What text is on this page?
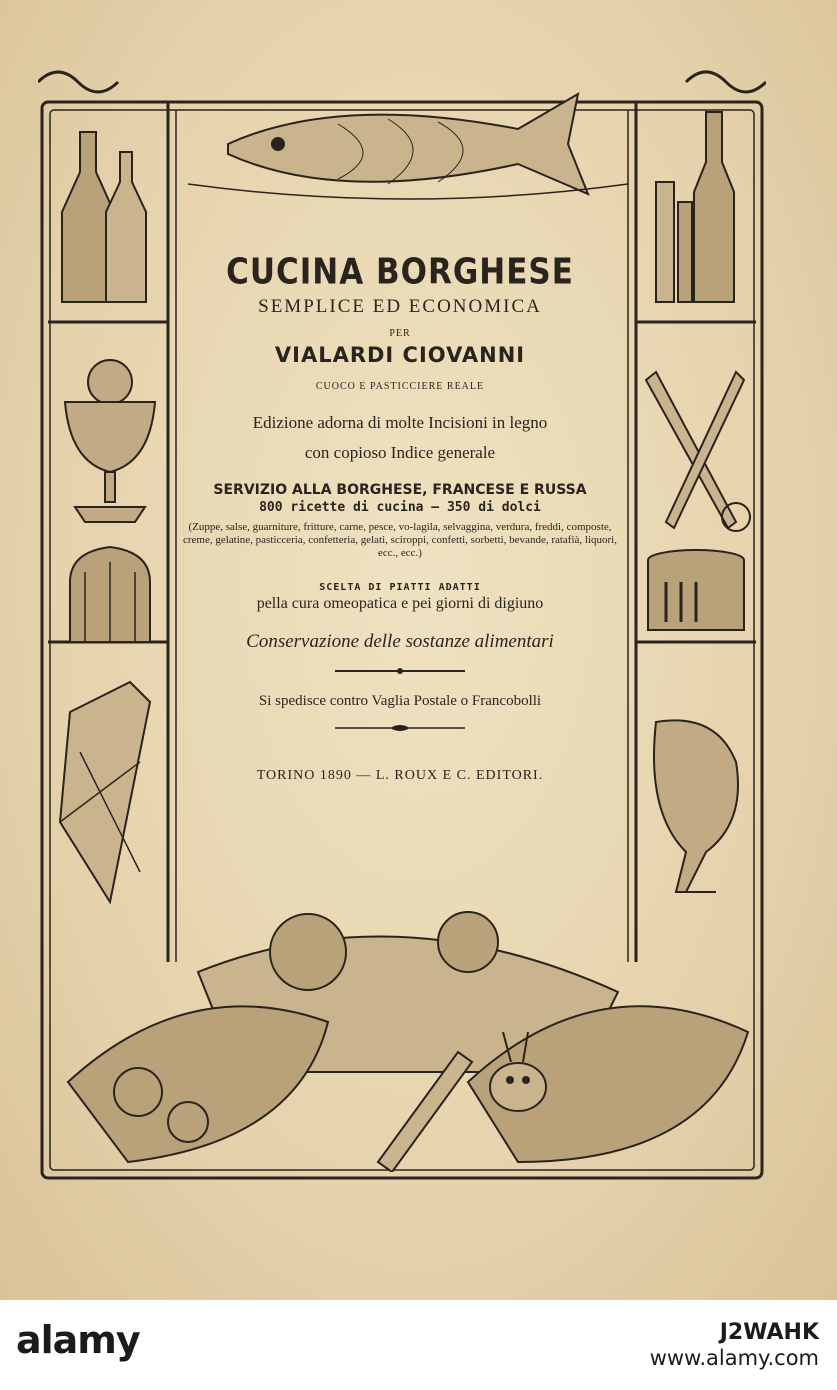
CUCINA BORGHESE
SEMPLICE ED ECONOMICA
PER
VIALARDI CIOVANNI
CUOCO E PASTICCIERE REALE
Edizione adorna di molte Incisioni in legno
con copioso Indice generale
SERVIZIO ALLA BORGHESE, FRANCESE E RUSSA
800 ricette di cucina — 350 di dolci
(Zuppe, salse, guarniture, fritture, carne, pesce, vo-lagila, selvaggina, verdura, freddi, composte, creme, gelatine, pasticceria, confetteria, gelati, sciroppi, confetti, sorbetti, bevande, ratafià, liquori, ecc., ecc.)
SCELTA DI PIATTI ADATTI
pella cura omeopatica e pei giorni di digiuno
Conservazione delle sostanze alimentari
Si spedisce contro Vaglia Postale o Francobolli
TORINO 1890 — L. ROUX E C. EDITORI.
alamy	J2WAHK
www.alamy.com
